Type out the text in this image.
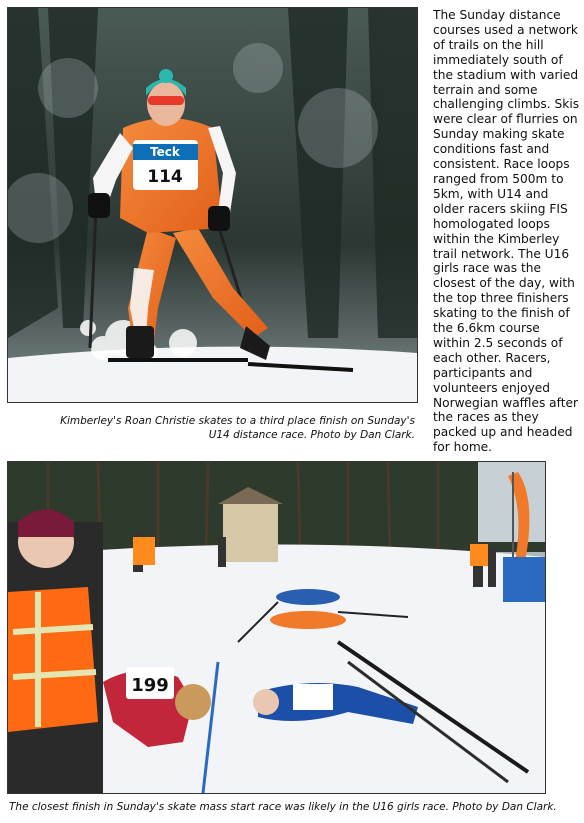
Teck
114
Kimberley's Roan Christie skates to a third place finish on Sunday's U14 distance race. Photo by Dan Clark.

The Sunday distance courses used a network of trails on the hill immediately south of the stadium with varied terrain and some challenging climbs. Skis were clear of flurries on Sunday making skate conditions fast and consistent. Race loops ranged from 500m to 5km, with U14 and older racers skiing FIS homologated loops within the Kimberley trail network. The U16 girls race was the closest of the day, with the top three finishers skating to the finish of the 6.6km course within 2.5 seconds of each other. Racers, participants and volunteers enjoyed Norwegian waffles after the races as they packed up and headed for home.

199
The closest finish in Sunday's skate mass start race was likely in the U16 girls race. Photo by Dan Clark.
